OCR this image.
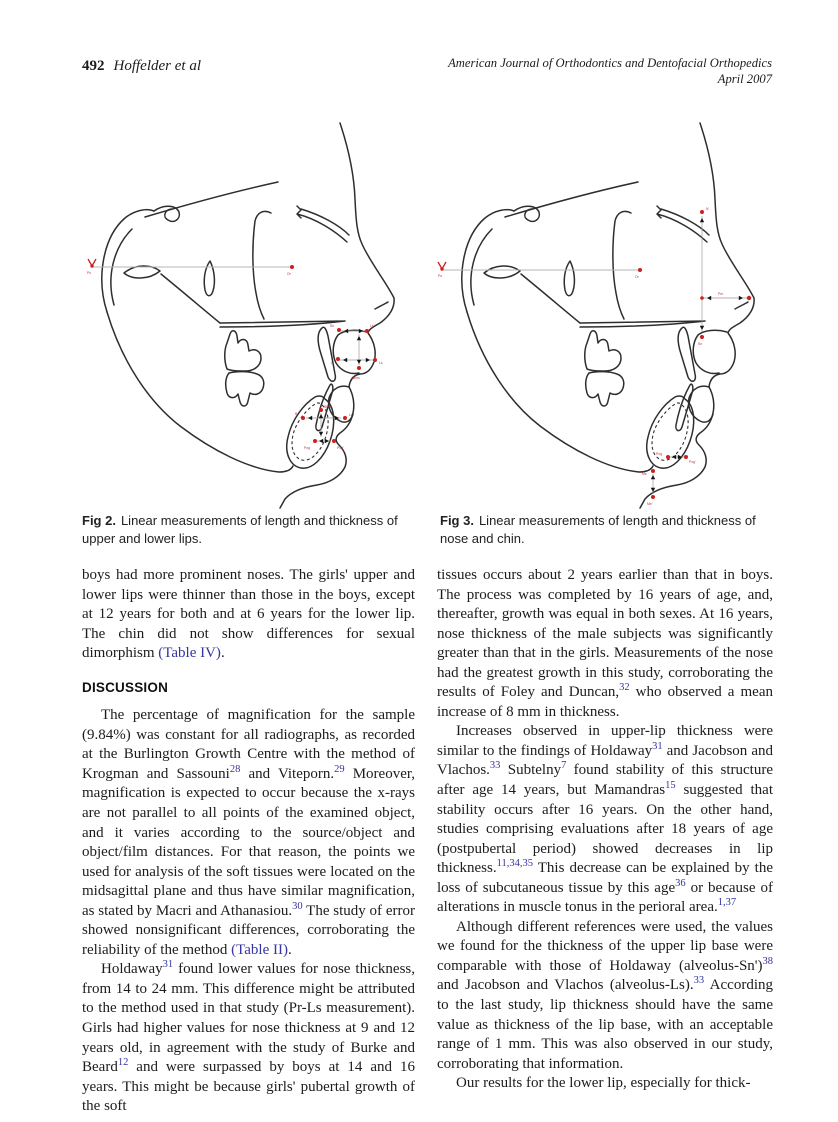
492 Hoffelder et al	American Journal of Orthodontics and Dentofacial Orthopedics
April 2007
Po	Or
Sn	Ls'
A	Ls
Stms
Stmi
B	Li
Pog	Pog'
Po	Or
N'
Prn
Sn
Pog
Pog'
Me
Me'
Fig 2. Linear measurements of length and thickness of upper and lower lips.
Fig 3. Linear measurements of length and thickness of nose and chin.

boys had more prominent noses. The girls' upper and lower lips were thinner than those in the boys, except at 12 years for both and at 6 years for the lower lip. The chin did not show differences for sexual dimorphism (Table IV).

DISCUSSION

The percentage of magnification for the sample (9.84%) was constant for all radiographs, as recorded at the Burlington Growth Centre with the method of Krogman and Sassouni$^{28}$ and Viteporn.$^{29}$ Moreover, magnification is expected to occur because the x-rays are not parallel to all points of the examined object, and it varies according to the source/object and object/film distances. For that reason, the points we used for analysis of the soft tissues were located on the midsagittal plane and thus have similar magnification, as stated by Macri and Athanasiou.$^{30}$ The study of error showed nonsignificant differences, corroborating the reliability of the method (Table II).

Holdaway$^{31}$ found lower values for nose thickness, from 14 to 24 mm. This difference might be attributed to the method used in that study (Pr-Ls measurement). Girls had higher values for nose thickness at 9 and 12 years old, in agreement with the study of Burke and Beard$^{12}$ and were surpassed by boys at 14 and 16 years. This might be because girls' pubertal growth of the soft

tissues occurs about 2 years earlier than that in boys. The process was completed by 16 years of age, and, thereafter, growth was equal in both sexes. At 16 years, nose thickness of the male subjects was significantly greater than that in the girls. Measurements of the nose had the greatest growth in this study, corroborating the results of Foley and Duncan,$^{32}$ who observed a mean increase of 8 mm in thickness.

Increases observed in upper-lip thickness were similar to the findings of Holdaway$^{31}$ and Jacobson and Vlachos.$^{33}$ Subtelny$^7$ found stability of this structure after age 14 years, but Mamandras$^{15}$ suggested that stability occurs after 16 years. On the other hand, studies comprising evaluations after 18 years of age (postpubertal period) showed decreases in lip thickness.$^{11,34,35}$ This decrease can be explained by the loss of subcutaneous tissue by this age$^{36}$ or because of alterations in muscle tonus in the perioral area.$^{1,37}$

Although different references were used, the values we found for the thickness of the upper lip base were comparable with those of Holdaway (alveolus-Sn')$^{38}$ and Jacobson and Vlachos (alveolus-Ls).$^{33}$ According to the last study, lip thickness should have the same value as thickness of the lip base, with an acceptable range of 1 mm. This was also observed in our study, corroborating that information.

Our results for the lower lip, especially for thick-
